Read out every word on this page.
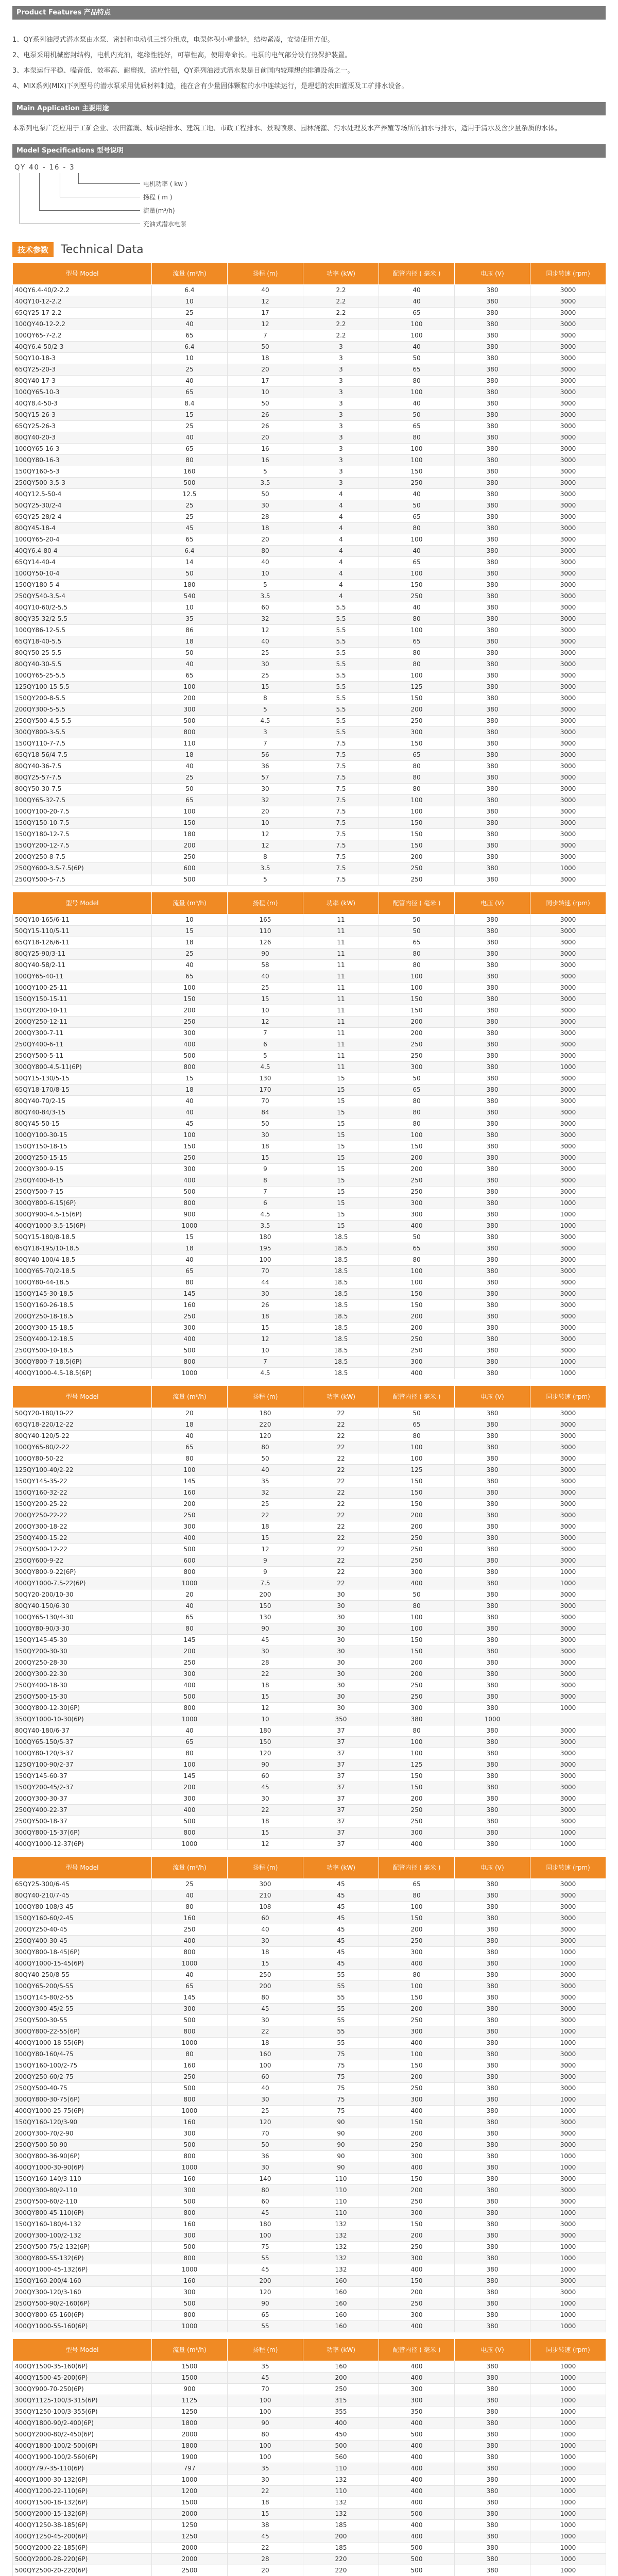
Product Features 产品特点

1、QY系列油浸式潜水泵由水泵、密封和电动机三部分组成，电泵体积小重量轻，结构紧凑，安装使用方便。

2、电泵采用机械密封结构，电机内充油，绝缘性能好，可靠性高，使用寿命长。电泵的电气部分设有热保护装置。

3、本泵运行平稳、噪音低、效率高、耐磨损，适应性强，QY系列油浸式潜水泵是目前国内较理想的排灌设备之一。

4、MIX系列(MIX)下列型号的潜水泵采用优质材料制造，能在含有少量固体颗粒的水中连续运行，是理想的农田灌溉及工矿排水设备。

Main Application 主要用途
本系列电泵广泛应用于工矿企业、农田灌溉、城市给排水、建筑工地、市政工程排水、景观喷泉、园林浇灌、污水处理及水产养殖等场所的抽水与排水，适用于清水及含少量杂质的水体。
Model Specifications 型号说明
QY 40 - 16 - 3
电机功率 ( kw )
扬程 ( m )
流量(m³/h)
充油式潜水电泵
技术参数	Technical Data
型号 Model	流量 (m³/h)	扬程 (m)	功率 (kW)	配管内径 ( 毫米 )	电压 (V)	同步转速 (rpm)
40QY6.4-40/2-2.2	6.4	40	2.2	40	380	3000
40QY10-12-2.2	10	12	2.2	40	380	3000
65QY25-17-2.2	25	17	2.2	65	380	3000
100QY40-12-2.2	40	12	2.2	100	380	3000
100QY65-7-2.2	65	7	2.2	100	380	3000
40QY6.4-50/2-3	6.4	50	3	40	380	3000
50QY10-18-3	10	18	3	50	380	3000
65QY25-20-3	25	20	3	65	380	3000
80QY40-17-3	40	17	3	80	380	3000
100QY65-10-3	65	10	3	100	380	3000
40QY8.4-50-3	8.4	50	3	40	380	3000
50QY15-26-3	15	26	3	50	380	3000
65QY25-26-3	25	26	3	65	380	3000
80QY40-20-3	40	20	3	80	380	3000
100QY65-16-3	65	16	3	100	380	3000
100QY80-16-3	80	16	3	100	380	3000
150QY160-5-3	160	5	3	150	380	3000
250QY500-3.5-3	500	3.5	3	250	380	3000
40QY12.5-50-4	12.5	50	4	40	380	3000
50QY25-30/2-4	25	30	4	50	380	3000
65QY25-28/2-4	25	28	4	65	380	3000
80QY45-18-4	45	18	4	80	380	3000
100QY65-20-4	65	20	4	100	380	3000
40QY6.4-80-4	6.4	80	4	40	380	3000
65QY14-40-4	14	40	4	65	380	3000
100QY50-10-4	50	10	4	100	380	3000
150QY180-5-4	180	5	4	150	380	3000
250QY540-3.5-4	540	3.5	4	250	380	3000
40QY10-60/2-5.5	10	60	5.5	40	380	3000
80QY35-32/2-5.5	35	32	5.5	80	380	3000
100QY86-12-5.5	86	12	5.5	100	380	3000
65QY18-40-5.5	18	40	5.5	65	380	3000
80QY50-25-5.5	50	25	5.5	80	380	3000
80QY40-30-5.5	40	30	5.5	80	380	3000
100QY65-25-5.5	65	25	5.5	100	380	3000
125QY100-15-5.5	100	15	5.5	125	380	3000
150QY200-8-5.5	200	8	5.5	150	380	3000
200QY300-5-5.5	300	5	5.5	200	380	3000
250QY500-4.5-5.5	500	4.5	5.5	250	380	3000
300QY800-3-5.5	800	3	5.5	300	380	3000
150QY110-7-7.5	110	7	7.5	150	380	3000
65QY18-56/4-7.5	18	56	7.5	65	380	3000
80QY40-36-7.5	40	36	7.5	80	380	3000
80QY25-57-7.5	25	57	7.5	80	380	3000
80QY50-30-7.5	50	30	7.5	80	380	3000
100QY65-32-7.5	65	32	7.5	100	380	3000
100QY100-20-7.5	100	20	7.5	100	380	3000
150QY150-10-7.5	150	10	7.5	150	380	3000
150QY180-12-7.5	180	12	7.5	150	380	3000
150QY200-12-7.5	200	12	7.5	150	380	3000
200QY250-8-7.5	250	8	7.5	200	380	3000
250QY600-3.5-7.5(6P)	600	3.5	7.5	250	380	1000
250QY500-5-7.5	500	5	7.5	250	380	3000
型号 Model	流量 (m³/h)	扬程 (m)	功率 (kW)	配管内径 ( 毫米 )	电压 (V)	同步转速 (rpm)
50QY10-165/6-11	10	165	11	50	380	3000
50QY15-110/5-11	15	110	11	50	380	3000
65QY18-126/6-11	18	126	11	65	380	3000
80QY25-90/3-11	25	90	11	80	380	3000
80QY40-58/2-11	40	58	11	80	380	3000
100QY65-40-11	65	40	11	100	380	3000
100QY100-25-11	100	25	11	100	380	3000
150QY150-15-11	150	15	11	150	380	3000
150QY200-10-11	200	10	11	150	380	3000
200QY250-12-11	250	12	11	200	380	3000
200QY300-7-11	300	7	11	200	380	3000
250QY400-6-11	400	6	11	250	380	3000
250QY500-5-11	500	5	11	250	380	3000
300QY800-4.5-11(6P)	800	4.5	11	300	380	1000
50QY15-130/5-15	15	130	15	50	380	3000
65QY18-170/8-15	18	170	15	65	380	3000
80QY40-70/2-15	40	70	15	80	380	3000
80QY40-84/3-15	40	84	15	80	380	3000
80QY45-50-15	45	50	15	80	380	3000
100QY100-30-15	100	30	15	100	380	3000
150QY150-18-15	150	18	15	150	380	3000
200QY250-15-15	250	15	15	200	380	3000
200QY300-9-15	300	9	15	200	380	3000
250QY400-8-15	400	8	15	250	380	3000
250QY500-7-15	500	7	15	250	380	3000
300QY800-6-15(6P)	800	6	15	300	380	1000
300QY900-4.5-15(6P)	900	4.5	15	300	380	1000
400QY1000-3.5-15(6P)	1000	3.5	15	400	380	1000
50QY15-180/8-18.5	15	180	18.5	50	380	3000
65QY18-195/10-18.5	18	195	18.5	65	380	3000
80QY40-100/4-18.5	40	100	18.5	80	380	3000
100QY65-70/2-18.5	65	70	18.5	100	380	3000
100QY80-44-18.5	80	44	18.5	100	380	3000
150QY145-30-18.5	145	30	18.5	150	380	3000
150QY160-26-18.5	160	26	18.5	150	380	3000
200QY250-18-18.5	250	18	18.5	200	380	3000
200QY300-15-18.5	300	15	18.5	200	380	3000
250QY400-12-18.5	400	12	18.5	250	380	3000
250QY500-10-18.5	500	10	18.5	250	380	3000
300QY800-7-18.5(6P)	800	7	18.5	300	380	1000
400QY1000-4.5-18.5(6P)	1000	4.5	18.5	400	380	1000
型号 Model	流量 (m³/h)	扬程 (m)	功率 (kW)	配管内径 ( 毫米 )	电压 (V)	同步转速 (rpm)
50QY20-180/10-22	20	180	22	50	380	3000
65QY18-220/12-22	18	220	22	65	380	3000
80QY40-120/5-22	40	120	22	80	380	3000
100QY65-80/2-22	65	80	22	100	380	3000
100QY80-50-22	80	50	22	100	380	3000
125QY100-40/2-22	100	40	22	125	380	3000
150QY145-35-22	145	35	22	150	380	3000
150QY160-32-22	160	32	22	150	380	3000
150QY200-25-22	200	25	22	150	380	3000
200QY250-22-22	250	22	22	200	380	3000
200QY300-18-22	300	18	22	200	380	3000
250QY400-15-22	400	15	22	250	380	3000
250QY500-12-22	500	12	22	250	380	3000
250QY600-9-22	600	9	22	250	380	3000
300QY800-9-22(6P)	800	9	22	300	380	1000
400QY1000-7.5-22(6P)	1000	7.5	22	400	380	1000
50QY20-200/10-30	20	200	30	50	380	3000
80QY40-150/6-30	40	150	30	80	380	3000
100QY65-130/4-30	65	130	30	100	380	3000
100QY80-90/3-30	80	90	30	100	380	3000
150QY145-45-30	145	45	30	150	380	3000
150QY200-30-30	200	30	30	150	380	3000
200QY250-28-30	250	28	30	200	380	3000
200QY300-22-30	300	22	30	200	380	3000
250QY400-18-30	400	18	30	250	380	3000
250QY500-15-30	500	15	30	250	380	3000
300QY800-12-30(6P)	800	12	30	300	380	1000
350QY1000-10-30(6P)	1000	10	350	380	1000	
80QY40-180/6-37	40	180	37	80	380	3000
100QY65-150/5-37	65	150	37	100	380	3000
100QY80-120/3-37	80	120	37	100	380	3000
125QY100-90/2-37	100	90	37	125	380	3000
150QY145-60-37	145	60	37	150	380	3000
150QY200-45/2-37	200	45	37	150	380	3000
200QY300-30-37	300	30	37	200	380	3000
250QY400-22-37	400	22	37	250	380	3000
250QY500-18-37	500	18	37	250	380	3000
300QY800-15-37(6P)	800	15	37	300	380	1000
400QY1000-12-37(6P)	1000	12	37	400	380	1000
型号 Model	流量 (m³/h)	扬程 (m)	功率 (kW)	配管内径 ( 毫米 )	电压 (V)	同步转速 (rpm)
65QY25-300/6-45	25	300	45	65	380	3000
80QY40-210/7-45	40	210	45	80	380	3000
100QY80-108/3-45	80	108	45	100	380	3000
150QY160-60/2-45	160	60	45	150	380	3000
200QY250-40-45	250	40	45	200	380	3000
250QY400-30-45	400	30	45	250	380	3000
300QY800-18-45(6P)	800	18	45	300	380	1000
400QY1000-15-45(6P)	1000	15	45	400	380	1000
80QY40-250/8-55	40	250	55	80	380	3000
100QY65-200/5-55	65	200	55	100	380	3000
150QY145-80/2-55	145	80	55	150	380	3000
200QY300-45/2-55	300	45	55	200	380	3000
250QY500-30-55	500	30	55	250	380	3000
300QY800-22-55(6P)	800	22	55	300	380	1000
400QY1000-18-55(6P)	1000	18	55	400	380	1000
100QY80-160/4-75	80	160	75	100	380	3000
150QY160-100/2-75	160	100	75	150	380	3000
200QY250-60/2-75	250	60	75	200	380	3000
250QY500-40-75	500	40	75	250	380	3000
300QY800-30-75(6P)	800	30	75	300	380	1000
400QY1000-25-75(6P)	1000	25	75	400	380	1000
150QY160-120/3-90	160	120	90	150	380	3000
200QY300-70/2-90	300	70	90	200	380	3000
250QY500-50-90	500	50	90	250	380	3000
300QY800-36-90(6P)	800	36	90	300	380	1000
400QY1000-30-90(6P)	1000	30	90	400	380	1000
150QY160-140/3-110	160	140	110	150	380	3000
200QY300-80/2-110	300	80	110	200	380	3000
250QY500-60/2-110	500	60	110	250	380	3000
300QY800-45-110(6P)	800	45	110	300	380	1000
150QY160-180/4-132	160	180	132	150	380	3000
200QY300-100/2-132	300	100	132	200	380	3000
250QY500-75/2-132(6P)	500	75	132	250	380	1000
300QY800-55-132(6P)	800	55	132	300	380	1000
400QY1000-45-132(6P)	1000	45	132	400	380	1000
150QY160-200/4-160	160	200	160	150	380	3000
200QY300-120/3-160	300	120	160	200	380	3000
250QY500-90/2-160(6P)	500	90	160	250	380	1000
300QY800-65-160(6P)	800	65	160	300	380	1000
400QY1000-55-160(6P)	1000	55	160	400	380	1000
型号 Model	流量 (m³/h)	扬程 (m)	功率 (kW)	配管内径 ( 毫米 )	电压 (V)	同步转速 (rpm)
400QY1500-35-160(6P)	1500	35	160	400	380	1000
400QY1500-45-200(6P)	1500	45	200	400	380	1000
300QY900-70-250(6P)	900	70	250	300	380	1000
300QY1125-100/3-315(6P)	1125	100	315	300	380	1000
350QY1250-100/3-355(6P)	1250	100	355	350	380	1000
400QY1800-90/2-400(6P)	1800	90	400	400	380	1000
500QY2000-80/2-450(6P)	2000	80	450	500	380	1000
400QY1800-100/2-500(6P)	1800	100	500	400	380	1000
400QY1900-100/2-560(6P)	1900	100	560	400	380	1000
400QY797-35-110(6P)	797	35	110	400	380	1000
400QY1000-30-132(6P)	1000	30	132	400	380	1000
400QY1200-22-110(6P)	1200	22	110	400	380	1000
400QY1500-18-132(6P)	1500	18	132	400	380	1000
500QY2000-15-132(6P)	2000	15	132	500	380	1000
400QY1250-38-185(6P)	1250	38	185	400	380	1000
400QY1250-45-200(6P)	1250	45	200	400	380	1000
500QY2000-22-185(6P)	2000	22	185	500	380	1000
500QY2000-28-220(6P)	2000	28	220	500	380	1000
500QY2500-20-220(6P)	2500	20	220	500	380	1000
